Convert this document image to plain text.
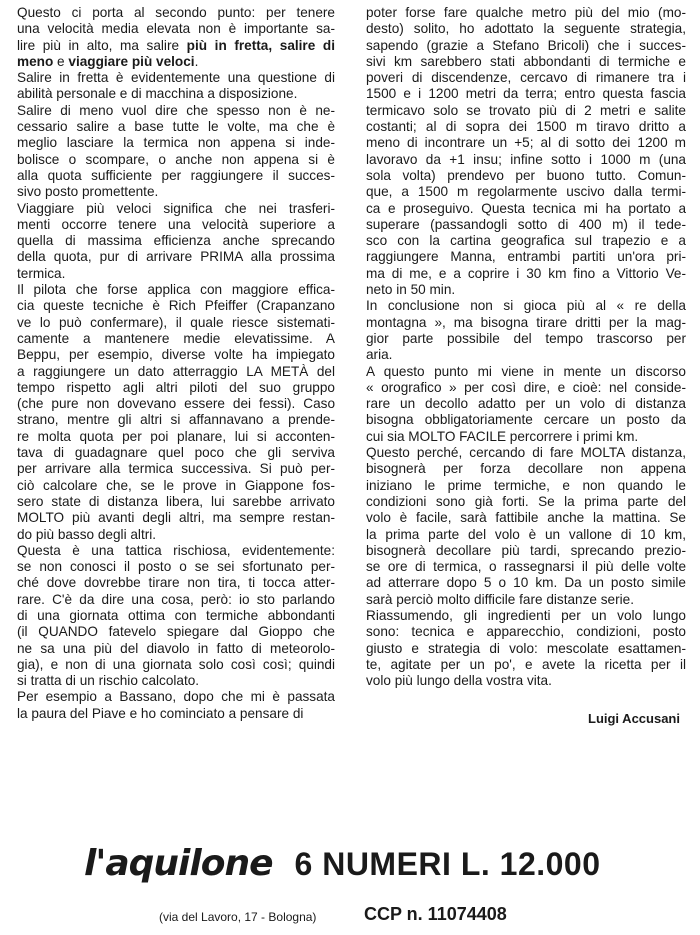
Questo ci porta al secondo punto: per tenere
una velocità media elevata non è importante sa-
lire più in alto, ma salire più in fretta, salire di
meno e viaggiare più veloci.
Salire in fretta è evidentemente una questione di
abilità personale e di macchina a disposizione.
Salire di meno vuol dire che spesso non è ne-
cessario salire a base tutte le volte, ma che è
meglio lasciare la termica non appena si inde-
bolisce o scompare, o anche non appena si è
alla quota sufficiente per raggiungere il succes-
sivo posto promettente.
Viaggiare più veloci significa che nei trasferi-
menti occorre tenere una velocità superiore a
quella di massima efficienza anche sprecando
della quota, pur di arrivare PRIMA alla prossima
termica.
Il pilota che forse applica con maggiore effica-
cia queste tecniche è Rich Pfeiffer (Crapanzano
ve lo può confermare), il quale riesce sistemati-
camente a mantenere medie elevatissime. A
Beppu, per esempio, diverse volte ha impiegato
a raggiungere un dato atterraggio LA METÀ del
tempo rispetto agli altri piloti del suo gruppo
(che pure non dovevano essere dei fessi). Caso
strano, mentre gli altri si affannavano a prende-
re molta quota per poi planare, lui si acconten-
tava di guadagnare quel poco che gli serviva
per arrivare alla termica successiva. Si può per-
ciò calcolare che, se le prove in Giappone fos-
sero state di distanza libera, lui sarebbe arrivato
MOLTO più avanti degli altri, ma sempre restan-
do più basso degli altri.
Questa è una tattica rischiosa, evidentemente:
se non conosci il posto o se sei sfortunato per-
ché dove dovrebbe tirare non tira, ti tocca atter-
rare. C'è da dire una cosa, però: io sto parlando
di una giornata ottima con termiche abbondanti
(il QUANDO fatevelo spiegare dal Gioppo che
ne sa una più del diavolo in fatto di meteorolo-
gia), e non di una giornata solo così così; quindi
si tratta di un rischio calcolato.
Per esempio a Bassano, dopo che mi è passata
la paura del Piave e ho cominciato a pensare di
poter forse fare qualche metro più del mio (mo-
desto) solito, ho adottato la seguente strategia,
sapendo (grazie a Stefano Bricoli) che i succes-
sivi km sarebbero stati abbondanti di termiche e
poveri di discendenze, cercavo di rimanere tra i
1500 e i 1200 metri da terra; entro questa fascia
termicavo solo se trovato più di 2 metri e salite
costanti; al di sopra dei 1500 m tiravo dritto a
meno di incontrare un +5; al di sotto dei 1200 m
lavoravo da +1 insu; infine sotto i 1000 m (una
sola volta) prendevo per buono tutto. Comun-
que, a 1500 m regolarmente uscivo dalla termi-
ca e proseguivo. Questa tecnica mi ha portato a
superare (passandogli sotto di 400 m) il tede-
sco con la cartina geografica sul trapezio e a
raggiungere Manna, entrambi partiti un'ora pri-
ma di me, e a coprire i 30 km fino a Vittorio Ve-
neto in 50 min.
In conclusione non si gioca più al « re della
montagna », ma bisogna tirare dritti per la mag-
gior parte possibile del tempo trascorso per
aria.
A questo punto mi viene in mente un discorso
« orografico » per così dire, e cioè: nel conside-
rare un decollo adatto per un volo di distanza
bisogna obbligatoriamente cercare un posto da
cui sia MOLTO FACILE percorrere i primi km.
Questo perché, cercando di fare MOLTA distanza,
bisognerà per forza decollare non appena
iniziano le prime termiche, e non quando le
condizioni sono già forti. Se la prima parte del
volo è facile, sarà fattibile anche la mattina. Se
la prima parte del volo è un vallone di 10 km,
bisognerà decollare più tardi, sprecando prezio-
se ore di termica, o rassegnarsi il più delle volte
ad atterrare dopo 5 o 10 km. Da un posto simile
sarà perciò molto difficile fare distanze serie.
Riassumendo, gli ingredienti per un volo lungo
sono: tecnica e apparecchio, condizioni, posto
giusto e strategia di volo: mescolate esattamen-
te, agitate per un po', e avete la ricetta per il
volo più lungo della vostra vita.
Luigi Accusani
l'aquilone 6 NUMERI L. 12.000
(via del Lavoro, 17 - Bologna)	CCP n. 11074408
